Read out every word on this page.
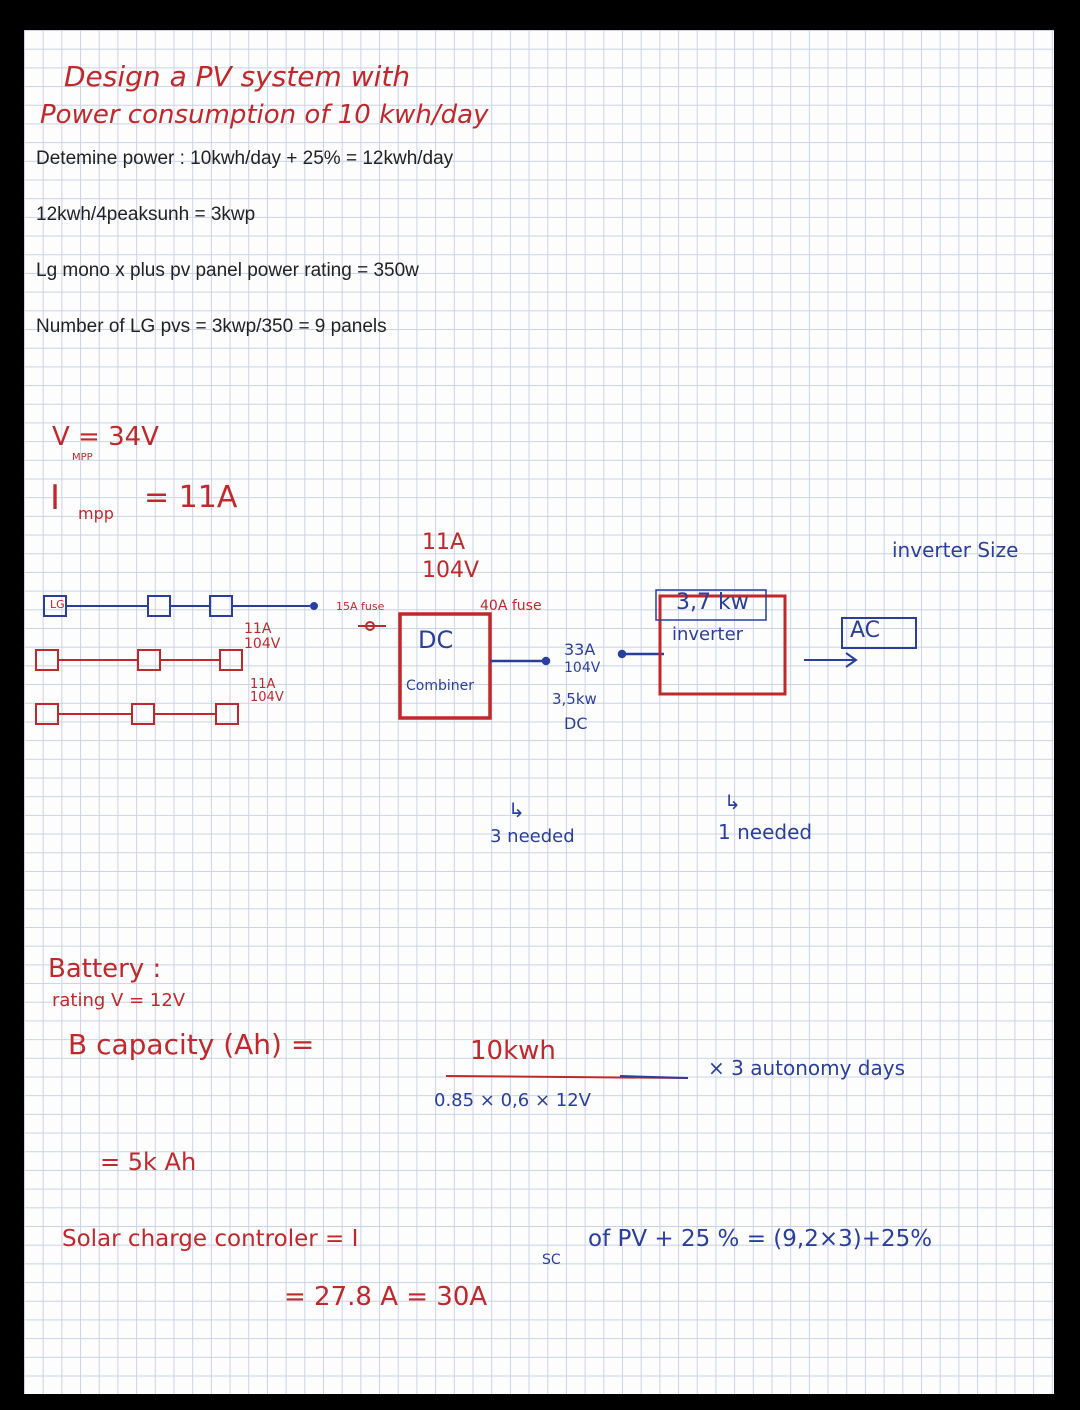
Design a PV system with
Power consumption of 10 kwh/day
Detemine power : 10kwh/day + 25% = 12kwh/day
12kwh/4peaksunh = 3kwp
Lg mono x plus pv panel power rating = 350w
Number of LG pvs = 3kwp/350 = 9 panels
V = 34V
MPP
I mpp = 11A
LG
11A
104V
11A
104V
11A
104V
15A fuse	40A fuse
DC
Combiner
33A
104V
3,5kw
DC
3,7 kw
inverter	AC
inverter Size
↳
3 needed
↳
1 needed
Battery :
rating V = 12V
B capacity (Ah) =	10kwh
0.85 × 0,6 × 12V
× 3 autonomy days
= 5k Ah
Solar charge controler = I
SC
of PV + 25 % = (9,2×3)+25%
= 27.8 A = 30A
